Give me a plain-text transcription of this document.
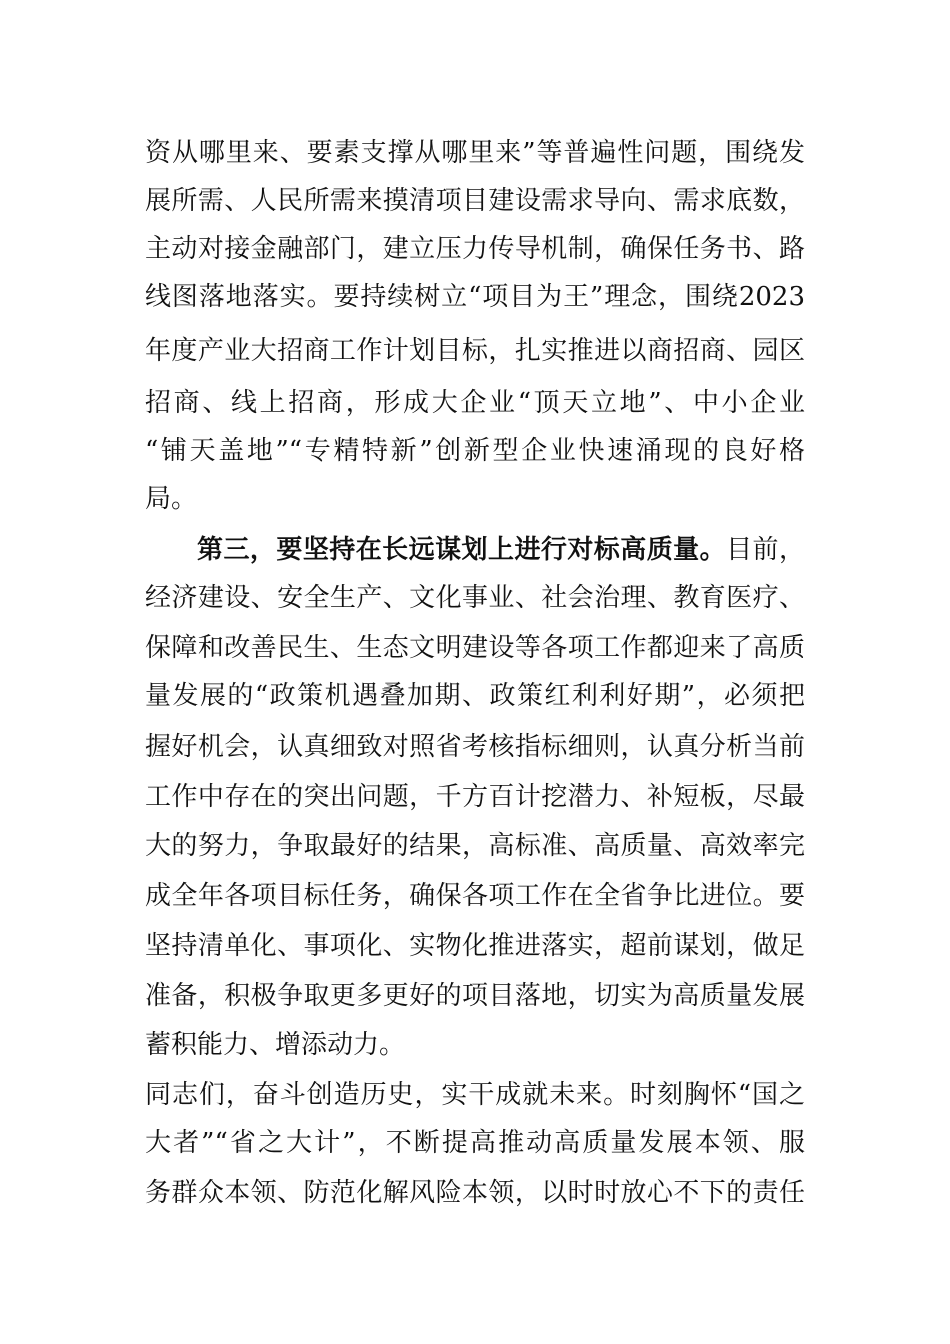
资从哪里来、要素支撑从哪里来”等普遍性问题，围绕发
展所需、人民所需来摸清项目建设需求导向、需求底数，
主动对接金融部门，建立压力传导机制，确保任务书、路
线图落地落实。要持续树立“项目为王”理念，围绕2023
年度产业大招商工作计划目标，扎实推进以商招商、园区
招商、线上招商，形成大企业“顶天立地”、中小企业
“铺天盖地”“专精特新”创新型企业快速涌现的良好格
局。
第三，要坚持在长远谋划上进行对标高质量。目前，
经济建设、安全生产、文化事业、社会治理、教育医疗、
保障和改善民生、生态文明建设等各项工作都迎来了高质
量发展的“政策机遇叠加期、政策红利利好期”，必须把
握好机会，认真细致对照省考核指标细则，认真分析当前
工作中存在的突出问题，千方百计挖潜力、补短板，尽最
大的努力，争取最好的结果，高标准、高质量、高效率完
成全年各项目标任务，确保各项工作在全省争比进位。要
坚持清单化、事项化、实物化推进落实，超前谋划，做足
准备，积极争取更多更好的项目落地，切实为高质量发展
蓄积能力、增添动力。
同志们，奋斗创造历史，实干成就未来。时刻胸怀“国之
大者”“省之大计”，不断提高推动高质量发展本领、服
务群众本领、防范化解风险本领，以时时放心不下的责任
